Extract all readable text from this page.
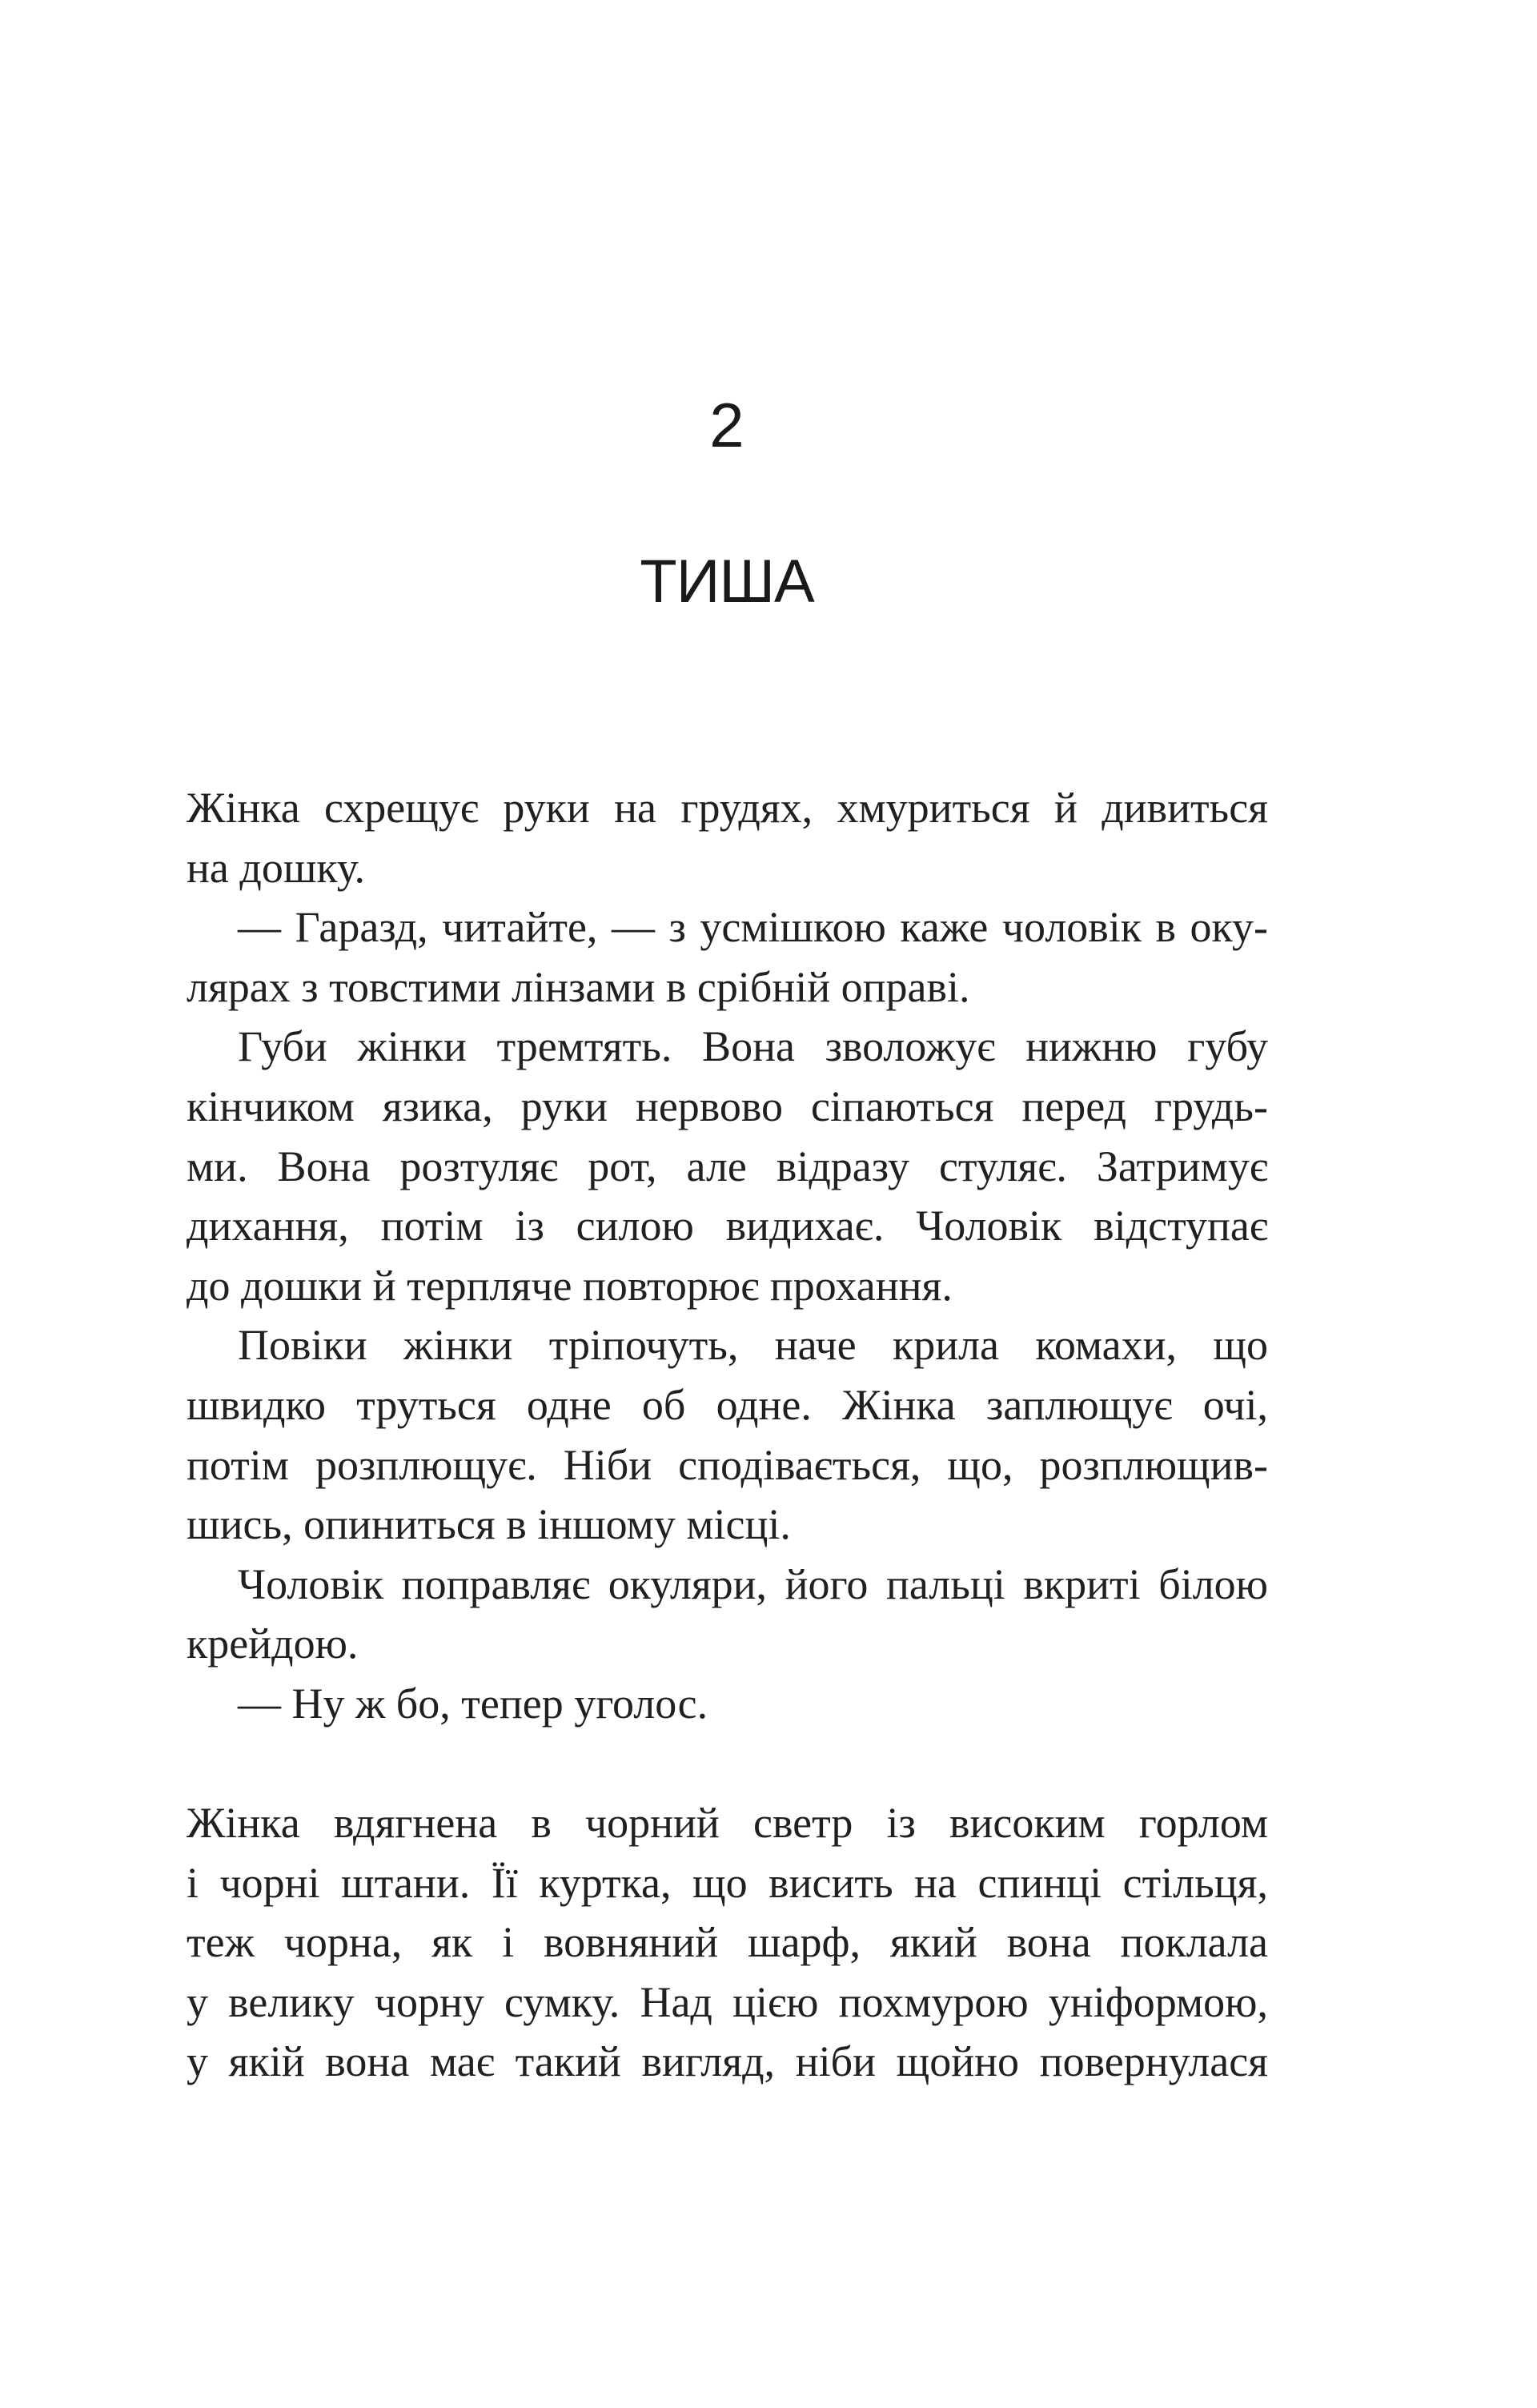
2
ТИША
Жінка схрещує руки на грудях, хмуриться й дивиться
на дошку.
— Гаразд, читайте, — з усмішкою каже чоловік в оку-
лярах з товстими лінзами в срібній оправі.
Губи жінки тремтять. Вона зволожує нижню губу
кінчиком язика, руки нервово сіпаються перед грудь-
ми. Вона розтуляє рот, але відразу стуляє. Затримує
дихання, потім із силою видихає. Чоловік відступає
до дошки й терпляче повторює прохання.
Повіки жінки тріпочуть, наче крила комахи, що
швидко труться одне об одне. Жінка заплющує очі,
потім розплющує. Ніби сподівається, що, розплющив-
шись, опиниться в іншому місці.
Чоловік поправляє окуляри, його пальці вкриті білою
крейдою.
— Ну ж бо, тепер уголос.
Жінка вдягнена в чорний светр із високим горлом
і чорні штани. Її куртка, що висить на спинці стільця,
теж чорна, як і вовняний шарф, який вона поклала
у велику чорну сумку. Над цією похмурою уніформою,
у якій вона має такий вигляд, ніби щойно повернулася
